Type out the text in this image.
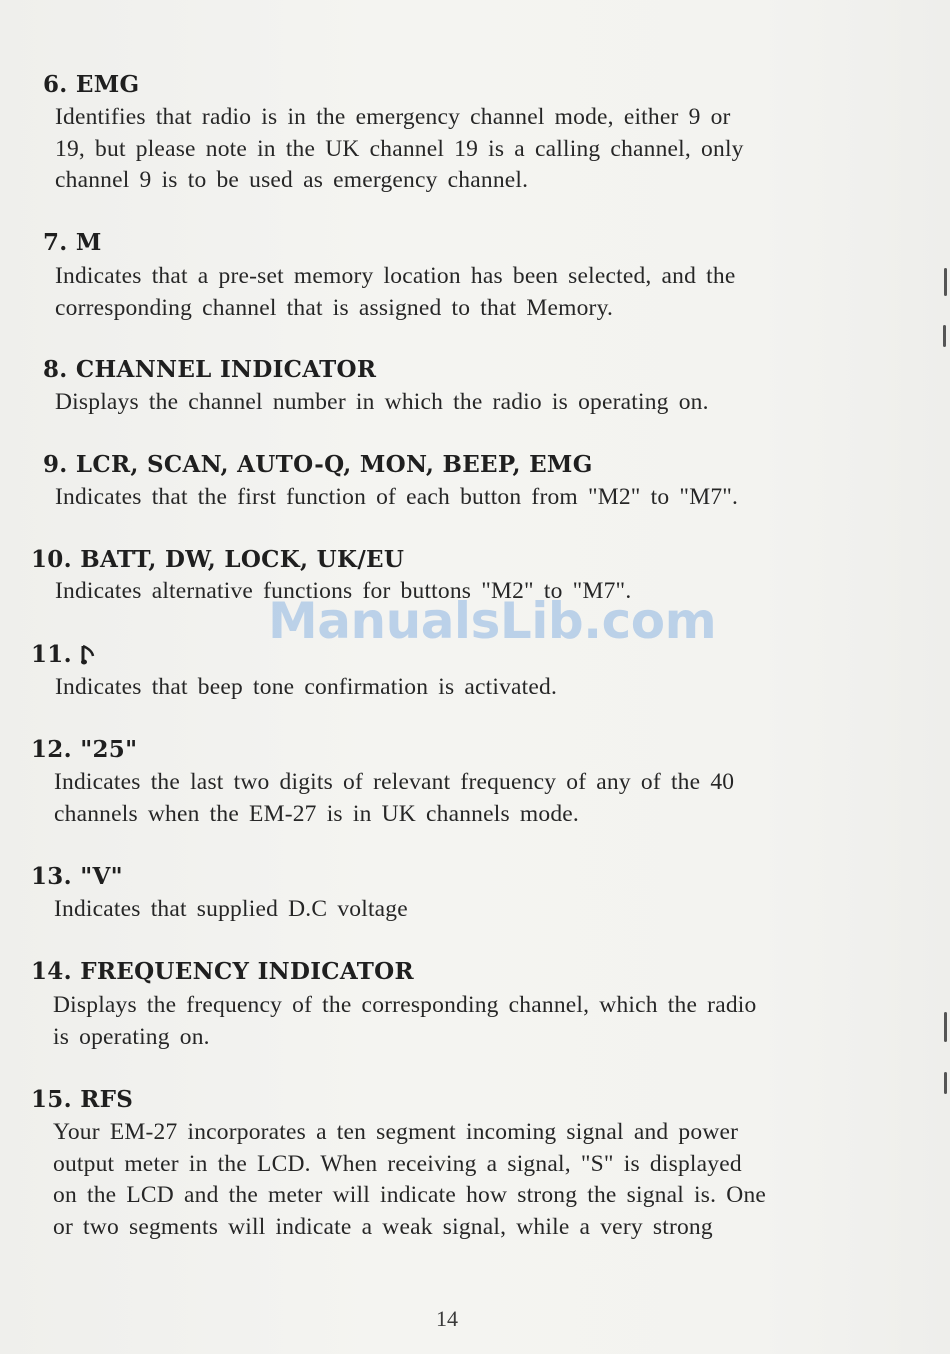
6. EMG

Identifies that radio is in the emergency channel mode, either 9 or

19, but please note in the UK channel 19 is a calling channel, only

channel 9 is to be used as emergency channel.

7. M

Indicates that a pre-set memory location has been selected, and the

corresponding channel that is assigned to that Memory.

8. CHANNEL INDICATOR

Displays the channel number in which the radio is operating on.

9. LCR, SCAN, AUTO-Q, MON, BEEP, EMG

Indicates that the first function of each button from "M2" to "M7".

10. BATT, DW, LOCK, UK/EU

Indicates alternative functions for buttons "M2" to "M7".

11.

Indicates that beep tone confirmation is activated.

12. "25"

Indicates the last two digits of relevant frequency of any of the 40

channels when the EM-27 is in UK channels mode.

13. "V"

Indicates that supplied D.C voltage

14. FREQUENCY INDICATOR

Displays the frequency of the corresponding channel, which the radio

is operating on.

15. RFS

Your EM-27 incorporates a ten segment incoming signal and power

output meter in the LCD. When receiving a signal, "S" is displayed

on the LCD and the meter will indicate how strong the signal is. One

or two segments will indicate a weak signal, while a very strong

ManualsLib.com
14
